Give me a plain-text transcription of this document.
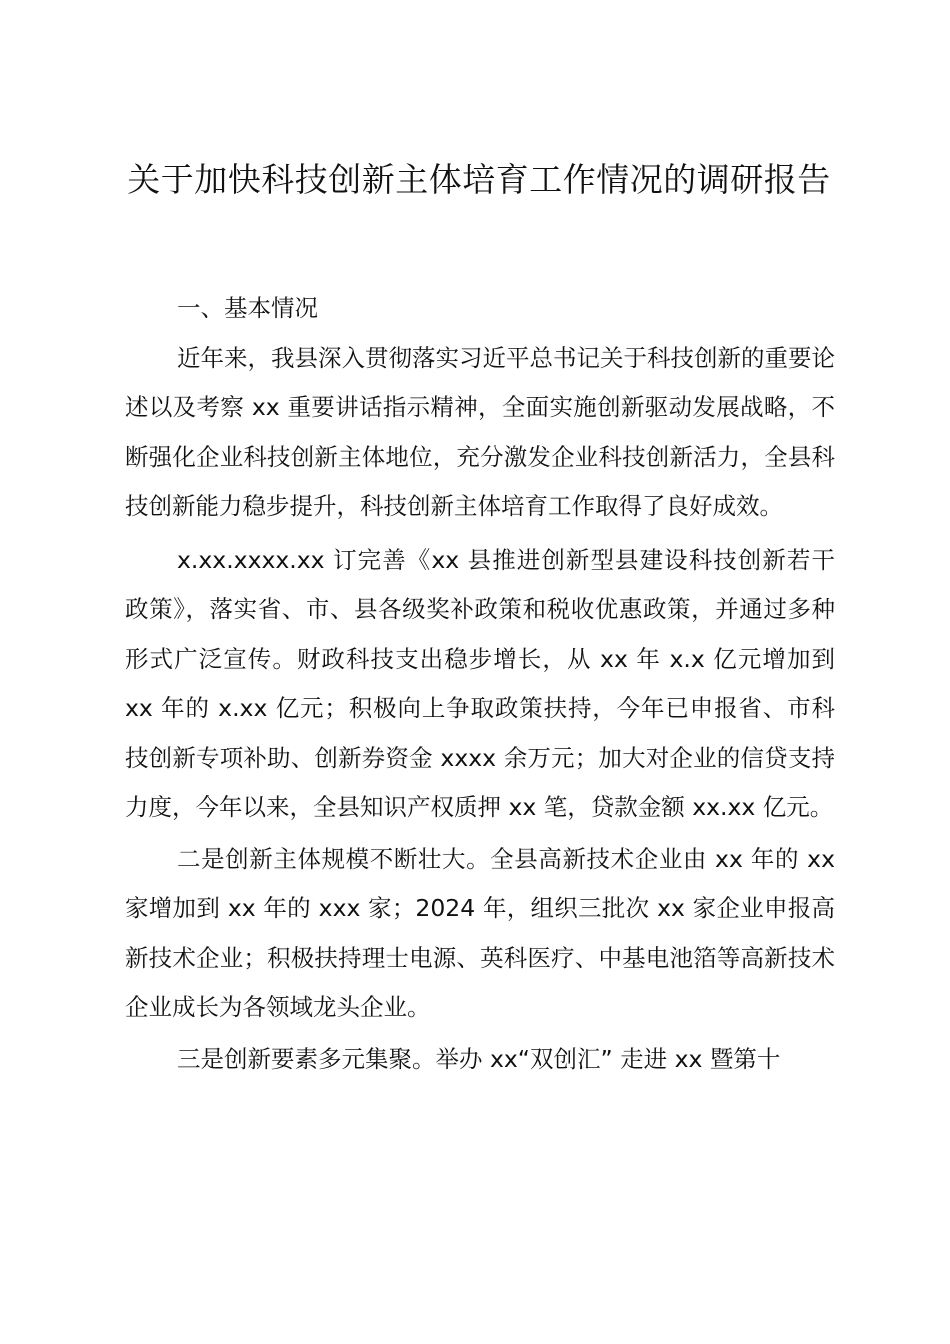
关于加快科技创新主体培育工作情况的调研报告

一、基本情况

近年来，我县深入贯彻落实习近平总书记关于科技创新的重要论述以及考察 xx 重要讲话指示精神，全面实施创新驱动发展战略，不断强化企业科技创新主体地位，充分激发企业科技创新活力，全县科技创新能力稳步提升，科技创新主体培育工作取得了良好成效。

x.xx.xxxx.xx 订完善《xx 县推进创新型县建设科技创新若干政策》，落实省、市、县各级奖补政策和税收优惠政策，并通过多种形式广泛宣传。财政科技支出稳步增长，从 xx 年 x.x 亿元增加到 xx 年的 x.xx 亿元；积极向上争取政策扶持，今年已申报省、市科技创新专项补助、创新券资金 xxxx 余万元；加大对企业的信贷支持力度，今年以来，全县知识产权质押 xx 笔，贷款金额 xx.xx 亿元。

二是创新主体规模不断壮大。全县高新技术企业由 xx 年的 xx 家增加到 xx 年的 xxx 家；2024 年，组织三批次 xx 家企业申报高新技术企业；积极扶持理士电源、英科医疗、中基电池箔等高新技术企业成长为各领域龙头企业。

三是创新要素多元集聚。举办 xx“双创汇” 走进 xx 暨第十
